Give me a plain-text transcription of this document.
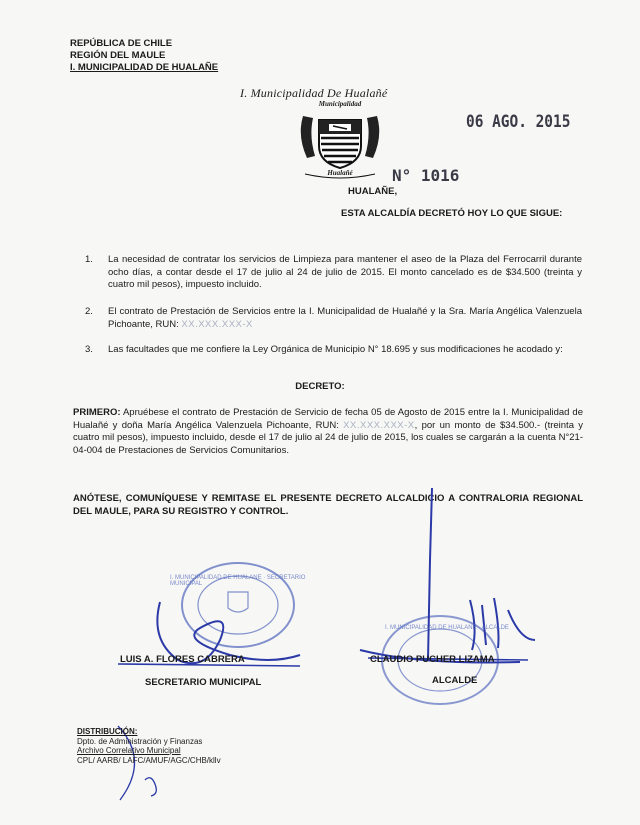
REPÚBLICA DE CHILE
REGIÓN DEL MAULE
I. MUNICIPALIDAD DE HUALAÑE
I. Municipalidad De Hualañé
Municipalidad
Hualañé
06 AGO. 2015
HUALAÑE,
N° 1016
ESTA ALCALDÍA DECRETÓ HOY LO QUE SIGUE:
1. La necesidad de contratar los servicios de Limpieza para mantener el aseo de la Plaza del Ferrocarril durante ocho días, a contar desde el 17 de julio al 24 de julio de 2015. El monto cancelado es de $34.500 (treinta y cuatro mil pesos), impuesto incluido.
2. El contrato de Prestación de Servicios entre la I. Municipalidad de Hualañé y la Sra. María Angélica Valenzuela Pichoante, RUN: XX.XXX.XXX-X
3. Las facultades que me confiere la Ley Orgánica de Municipio N° 18.695 y sus modificaciones he acodado y:
DECRETO:
PRIMERO: Apruébese el contrato de Prestación de Servicio de fecha 05 de Agosto de 2015 entre la I. Municipalidad de Hualañé y doña María Angélica Valenzuela Pichoante, RUN: XX.XXX.XXX-X, por un monto de $34.500.- (treinta y cuatro mil pesos), impuesto incluido, desde el 17 de julio al 24 de julio de 2015, los cuales se cargarán a la cuenta N°21-04-004 de Prestaciones de Servicios Comunitarios.
ANÓTESE, COMUNÍQUESE Y REMITASE EL PRESENTE DECRETO ALCALDICIO A CONTRALORIA REGIONAL DEL MAULE, PARA SU REGISTRO Y CONTROL.
LUIS A. FLORES CABRERA
SECRETARIO MUNICIPAL
I. MUNICIPALIDAD DE HUALAÑE · SECRETARIO MUNICIPAL
CLAUDIO PUCHER LIZAMA
ALCALDE
I. MUNICIPALIDAD DE HUALAÑE · ALCALDE
DISTRIBUCIÓN:
Dpto. de Administración y Finanzas
Archivo Correlativo Municipal
CPL/ AARB/ LAFC/AMUF/AGC/CHB/kllv
